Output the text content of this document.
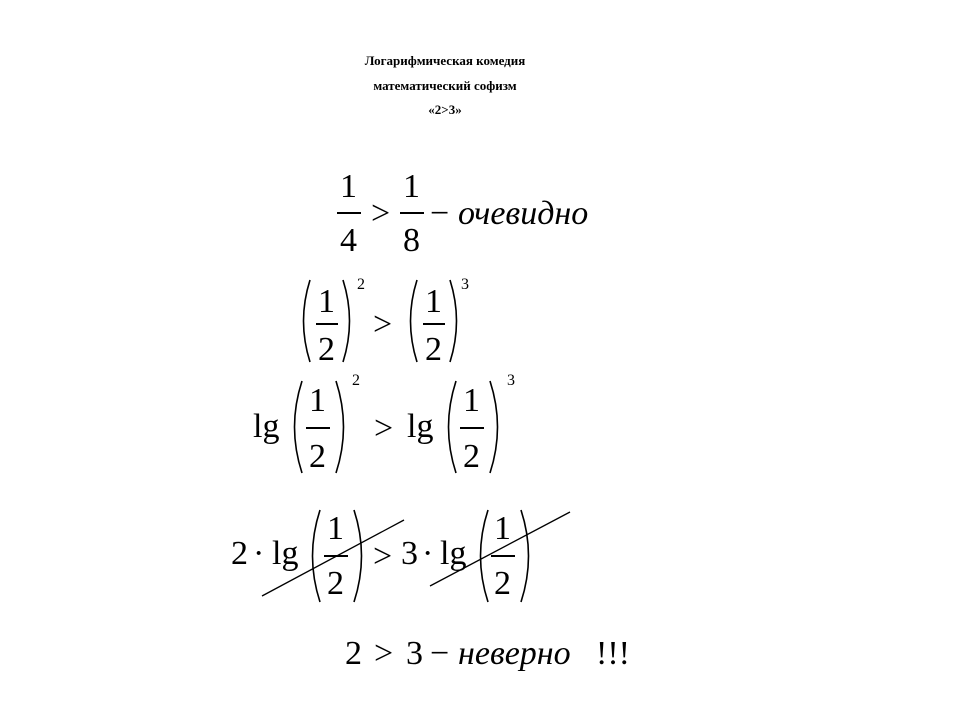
Логарифмическая комедия
математический софизм
«2>3»
1
4
>
1
8
− очевидно
1
2
2
>
1
2
3
lg
1
2
2
> lg
1
2
3
2 · lg
1
2
> 3 · lg
1
2
2 > 3 − неверно !!!
